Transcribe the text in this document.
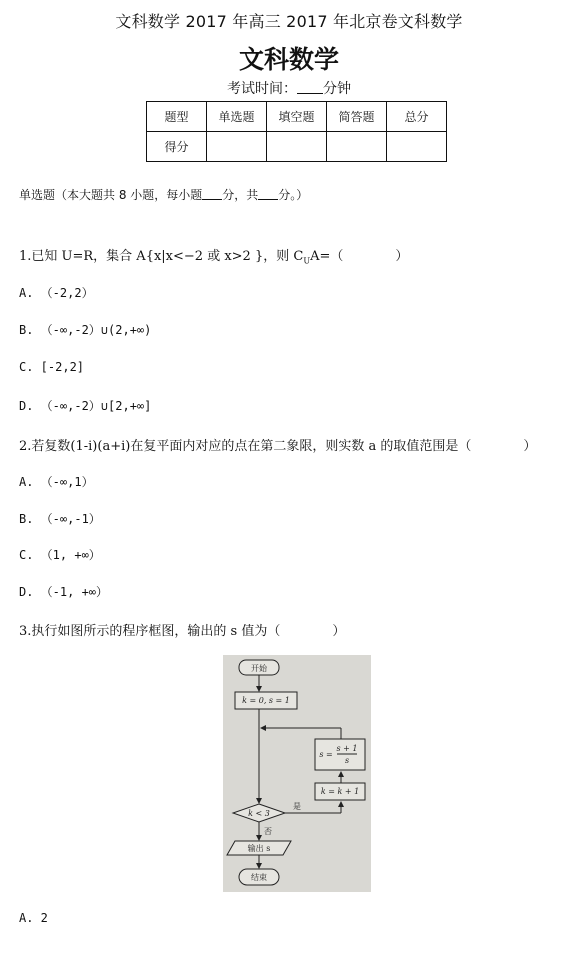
文科数学 2017 年高三 2017 年北京卷文科数学
文科数学
考试时间： 分钟
题型	单选题	填空题	简答题	总分
得分				
单选题（本大题共 8 小题，每小题 分，共 分。）
1.已知 U=R，集合 A{x|x<−2 或 x>2 }，则 $C_UA=$（　　　　）
A. （-2,2）
B. （-∞,-2）∪(2,+∞)
C. [-2,2]
D. （-∞,-2）∪[2,+∞]
2.若复数(1-i)(a+i)在复平面内对应的点在第二象限，则实数 a 的取值范围是（　　　　）
A. （-∞,1）
B. （-∞,-1）
C. （1, +∞）
D. （-1, +∞）
3.执行如图所示的程序框图，输出的 s 值为（　　　　）
开始
k = 0, s = 1
k < 3
是
否
s =
s + 1
s
k = k + 1
输出 s
结束
A. 2
